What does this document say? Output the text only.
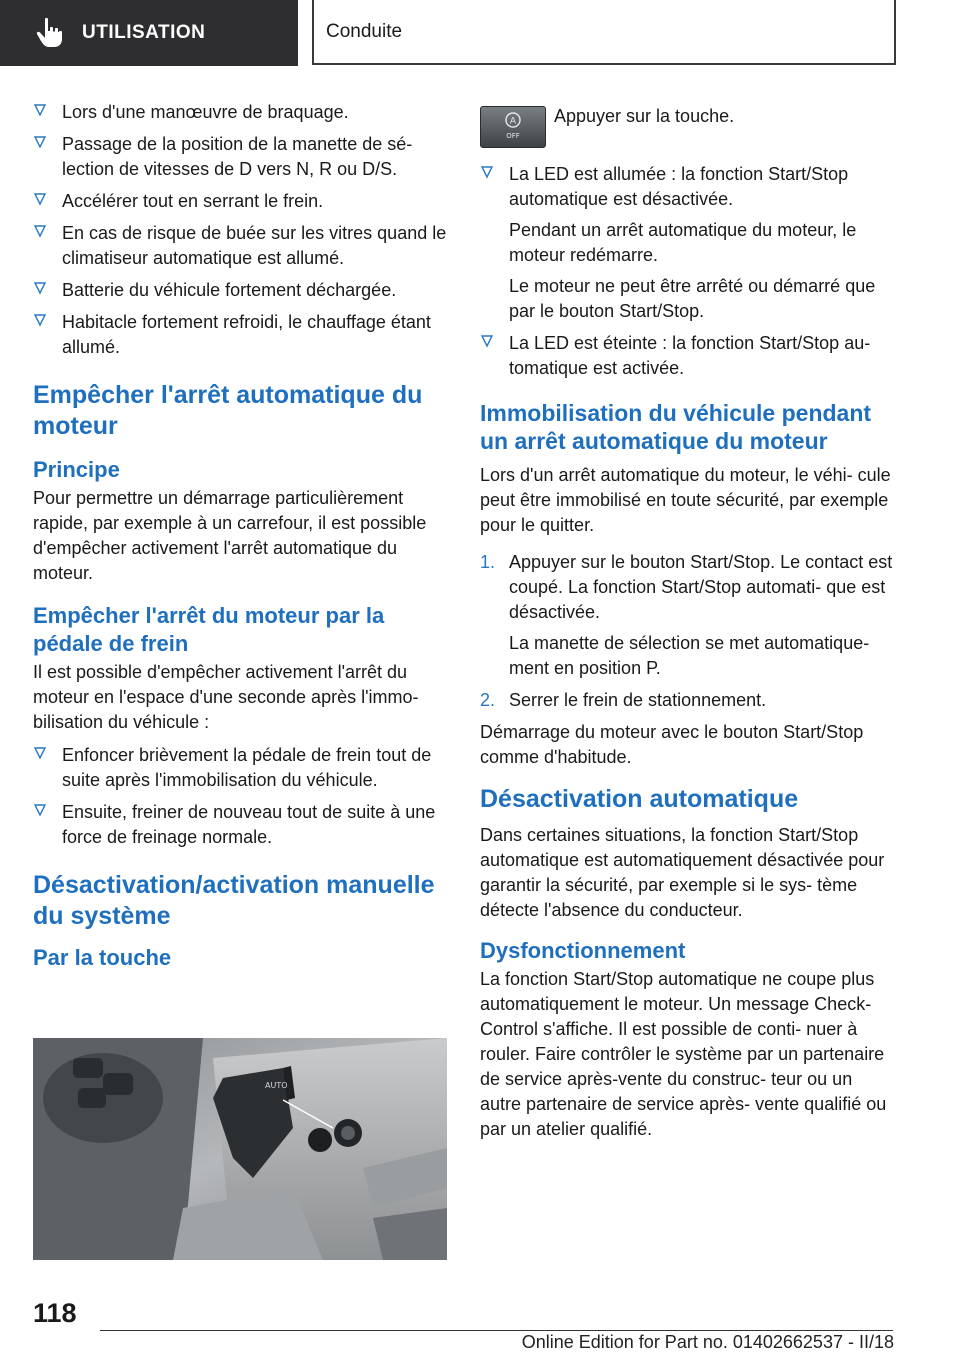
UTILISATION	Conduite

Lors d'une manœuvre de braquage.

Passage de la position de la manette de sé‐ lection de vitesses de D vers N, R ou D/S.

Accélérer tout en serrant le frein.

En cas de risque de buée sur les vitres quand le climatiseur automatique est allumé.

Batterie du véhicule fortement déchargée.

Habitacle fortement refroidi, le chauffage étant allumé.

Empêcher l'arrêt automatique du moteur
Principe

Pour permettre un démarrage particulièrement rapide, par exemple à un carrefour, il est possible d'empêcher activement l'arrêt automatique du moteur.

Empêcher l'arrêt du moteur par la pédale de frein

Il est possible d'empêcher activement l'arrêt du moteur en l'espace d'une seconde après l'immo‐ bilisation du véhicule :

Enfoncer brièvement la pédale de frein tout de suite après l'immobilisation du véhicule.

Ensuite, freiner de nouveau tout de suite à une force de freinage normale.

Désactivation/activation manuelle du système
Par la touche
AUTO
A
OFF
Appuyer sur la touche.

La LED est allumée : la fonction Start/Stop automatique est désactivée.

Pendant un arrêt automatique du moteur, le moteur redémarre.

Le moteur ne peut être arrêté ou démarré que par le bouton Start/Stop.

La LED est éteinte : la fonction Start/Stop au‐ tomatique est activée.

Immobilisation du véhicule pendant un arrêt automatique du moteur

Lors d'un arrêt automatique du moteur, le véhi‐ cule peut être immobilisé en toute sécurité, par exemple pour le quitter.

1. Appuyer sur le bouton Start/Stop. Le contact est coupé. La fonction Start/Stop automati‐ que est désactivée.

La manette de sélection se met automatique‐ ment en position P.

2. Serrer le frein de stationnement.

Démarrage du moteur avec le bouton Start/Stop comme d'habitude.

Désactivation automatique

Dans certaines situations, la fonction Start/Stop automatique est automatiquement désactivée pour garantir la sécurité, par exemple si le sys‐ tème détecte l'absence du conducteur.

Dysfonctionnement

La fonction Start/Stop automatique ne coupe plus automatiquement le moteur. Un message Check-Control s'affiche. Il est possible de conti‐ nuer à rouler. Faire contrôler le système par un partenaire de service après-vente du construc‐ teur ou un autre partenaire de service après- vente qualifié ou par un atelier qualifié.

118
Online Edition for Part no. 01402662537 - II/18
